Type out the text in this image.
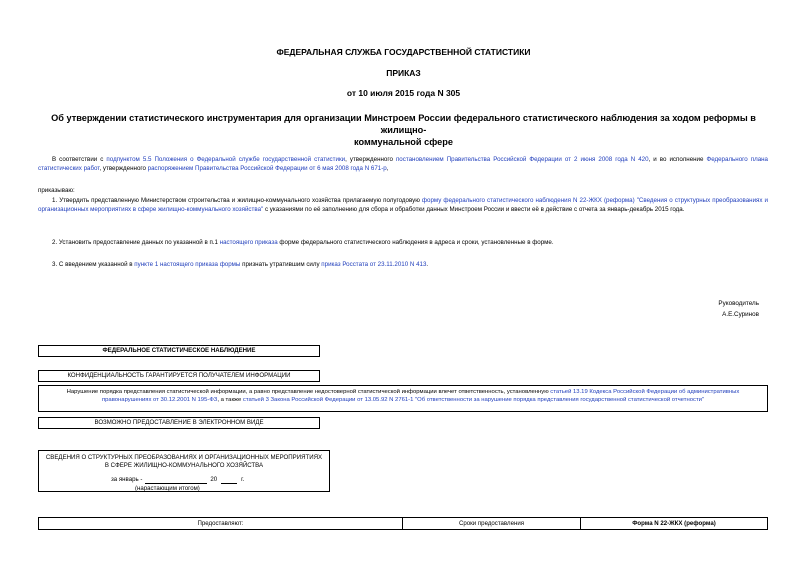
ФЕДЕРАЛЬНАЯ СЛУЖБА ГОСУДАРСТВЕННОЙ СТАТИСТИКИ
ПРИКАЗ
от 10 июля 2015 года N 305
Об утверждении статистического инструментария для организации Минстроем России федерального статистического наблюдения за ходом реформы в жилищно-
коммунальной сфере
В соответствии с подпунктом 5.5 Положения о Федеральной службе государственной статистики, утвержденного постановлением Правительства Российской Федерации от 2 июня 2008 года N 420, и во исполнение Федерального плана статистических работ, утвержденного распоряжением Правительства Российской Федерации от 6 мая 2008 года N 671-р,
приказываю:
1. Утвердить представленную Министерством строительства и жилищно-коммунального хозяйства прилагаемую полугодовую форму федерального статистического наблюдения N 22-ЖКХ (реформа) "Сведения о структурных преобразованиях и организационных мероприятиях в сфере жилищно-коммунального хозяйства" с указаниями по её заполнению для сбора и обработки данных Минстроем России и ввести её в действие с отчета за январь-декабрь 2015 года.
2. Установить предоставление данных по указанной в п.1 настоящего приказа форме федерального статистического наблюдения в адреса и сроки, установленные в форме.
3. С введением указанной в пункте 1 настоящего приказа формы признать утратившим силу приказ Росстата от 23.11.2010 N 413.
Руководитель
А.Е.Суринов
ФЕДЕРАЛЬНОЕ СТАТИСТИЧЕСКОЕ НАБЛЮДЕНИЕ
КОНФИДЕНЦИАЛЬНОСТЬ ГАРАНТИРУЕТСЯ ПОЛУЧАТЕЛЕМ ИНФОРМАЦИИ
Нарушение порядка представления статистической информации, а равно представление недостоверной статистической информации влечет ответственность, установленную статьей 13.19 Кодекса Российской Федерации об административных правонарушениях от 30.12.2001 N 195-ФЗ, а также статьей 3 Закона Российской Федерации от 13.05.92 N 2761-1 "Об ответственности за нарушение порядка представления государственной статистической отчетности"
ВОЗМОЖНО ПРЕДОСТАВЛЕНИЕ В ЭЛЕКТРОННОМ ВИДЕ
СВЕДЕНИЯ О СТРУКТУРНЫХ ПРЕОБРАЗОВАНИЯХ И ОРГАНИЗАЦИОННЫХ МЕРОПРИЯТИЯХ
В СФЕРЕ ЖИЛИЩНО-КОММУНАЛЬНОГО ХОЗЯЙСТВА
за январь -	20	г.
(нарастающим итогом)
Предоставляют:	Сроки предоставления	Форма N 22-ЖКХ (реформа)
